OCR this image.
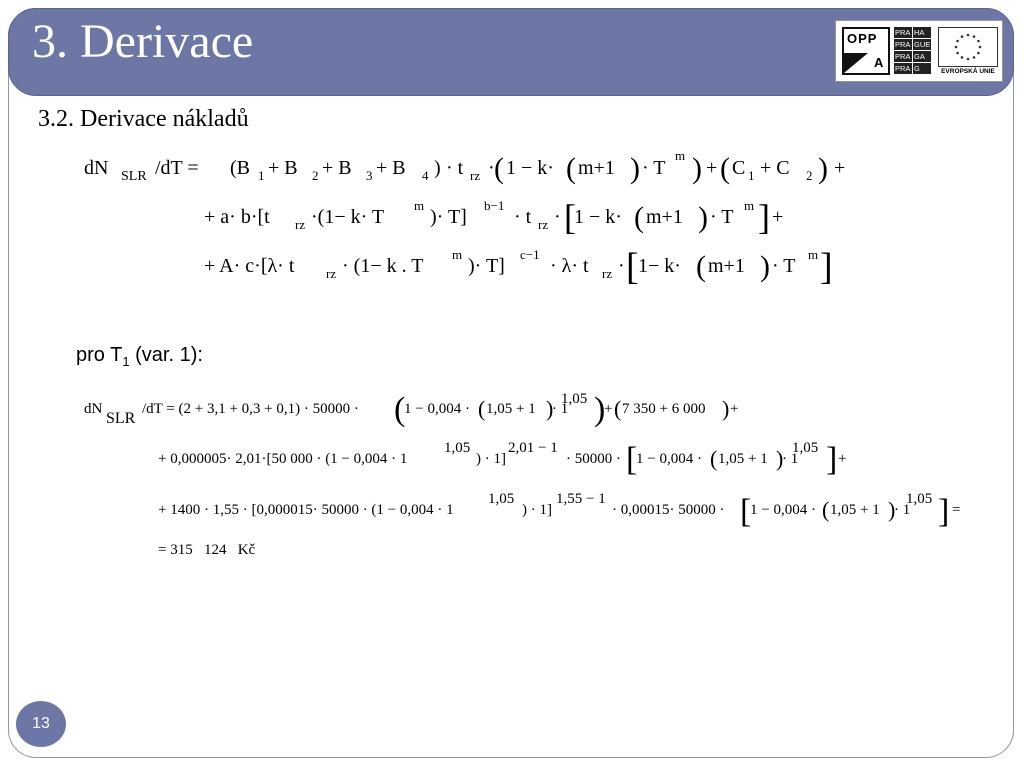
3. Derivace	OPP
A
PRA HA
PRA GUE
PRA GA
PRA G	EVROPSKÁ UNIE
3.2. Derivace nákladů
dN SLR /dT = (B 1 + B 2 + B 3 + B 4 ) · t rz · ( 1 − k· ( m+1 ) · T
m ) + ( C 1 + C 2 ) +
+ a· b·[t rz ·(1− k· T
m
)· T]
b−1
· t rz · [
1 − k· ( m+1 ) · T
m ] +
+ A· c·[λ· t rz · (1− k . T
m
)· T]
c−1
· λ· t rz · [ 1− k· ( m+1 ) · T
m ]
dN
SLR
/dT = (2 + 3,1 + 0,3 + 0,1) · 50000 · (
1 − 0,004 · ( 1,05 + 1 )
· 1
1,05 )
+ ( 7 350 + 6 000 ) +
+ 0,000005· 2,01·[50 000 · (1 − 0,004 · 1
1,05
) · 1]
2,01 − 1
· 50000 · [
1 − 0,004 · ( 1,05 + 1 )
· 1
1,05 ] +
+ 1400 · 1,55 · [0,000015· 50000 · (1 − 0,004 · 1
1,05
) · 1]
1,55 − 1
· 0,00015· 50000 · [
1 − 0,004 · ( 1,05 + 1 )
· 1
1,05 ] =
= 315   124   Kč
pro $T_1$ (var. 1):
13
